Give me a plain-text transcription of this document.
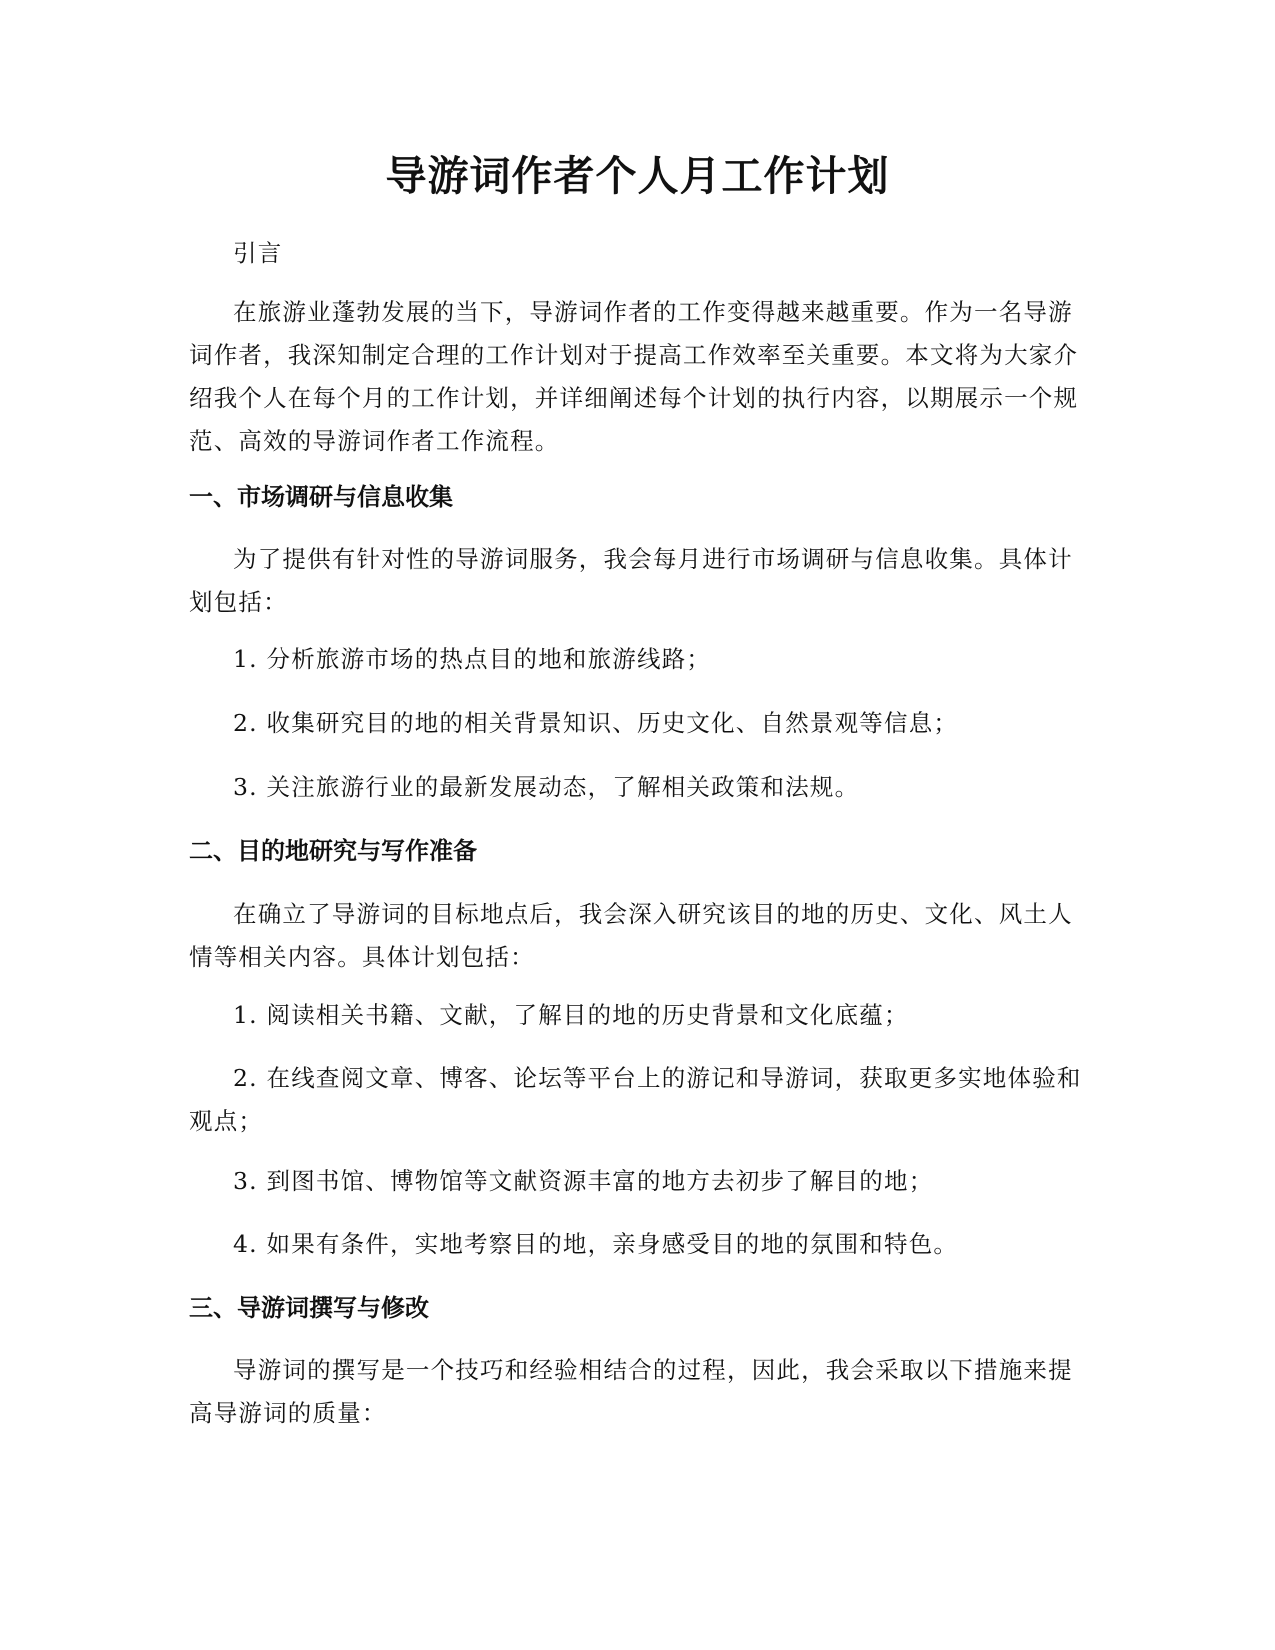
导游词作者个人月工作计划

引言

在旅游业蓬勃发展的当下，导游词作者的工作变得越来越重要。作为一名导游词作者，我深知制定合理的工作计划对于提高工作效率至关重要。本文将为大家介绍我个人在每个月的工作计划，并详细阐述每个计划的执行内容，以期展示一个规范、高效的导游词作者工作流程。

一、市场调研与信息收集

为了提供有针对性的导游词服务，我会每月进行市场调研与信息收集。具体计划包括：

1. 分析旅游市场的热点目的地和旅游线路；

2. 收集研究目的地的相关背景知识、历史文化、自然景观等信息；

3. 关注旅游行业的最新发展动态，了解相关政策和法规。

二、目的地研究与写作准备

在确立了导游词的目标地点后，我会深入研究该目的地的历史、文化、风土人情等相关内容。具体计划包括：

1. 阅读相关书籍、文献，了解目的地的历史背景和文化底蕴；

2. 在线查阅文章、博客、论坛等平台上的游记和导游词，获取更多实地体验和观点；

3. 到图书馆、博物馆等文献资源丰富的地方去初步了解目的地；

4. 如果有条件，实地考察目的地，亲身感受目的地的氛围和特色。

三、导游词撰写与修改

导游词的撰写是一个技巧和经验相结合的过程，因此，我会采取以下措施来提高导游词的质量：
